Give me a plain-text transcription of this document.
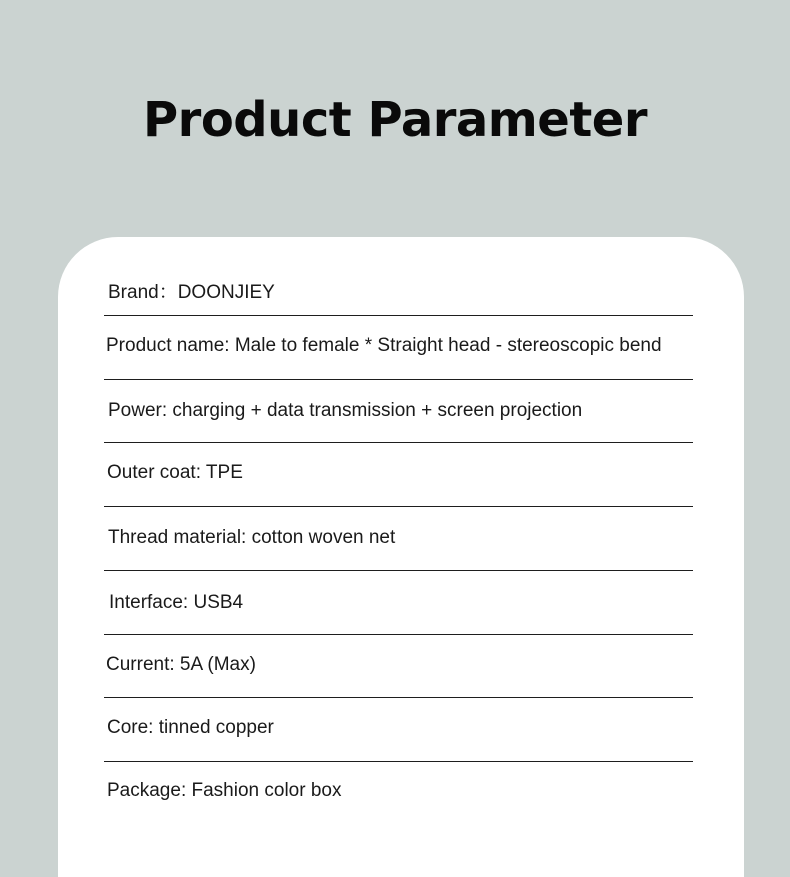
Product Parameter
Brand：DOONJIEY
Product name: Male to female * Straight head - stereoscopic bend
Power: charging + data transmission + screen projection
Outer coat: TPE
Thread material: cotton woven net
Interface: USB4
Current: 5A (Max)
Core: tinned copper
Package: Fashion color box
